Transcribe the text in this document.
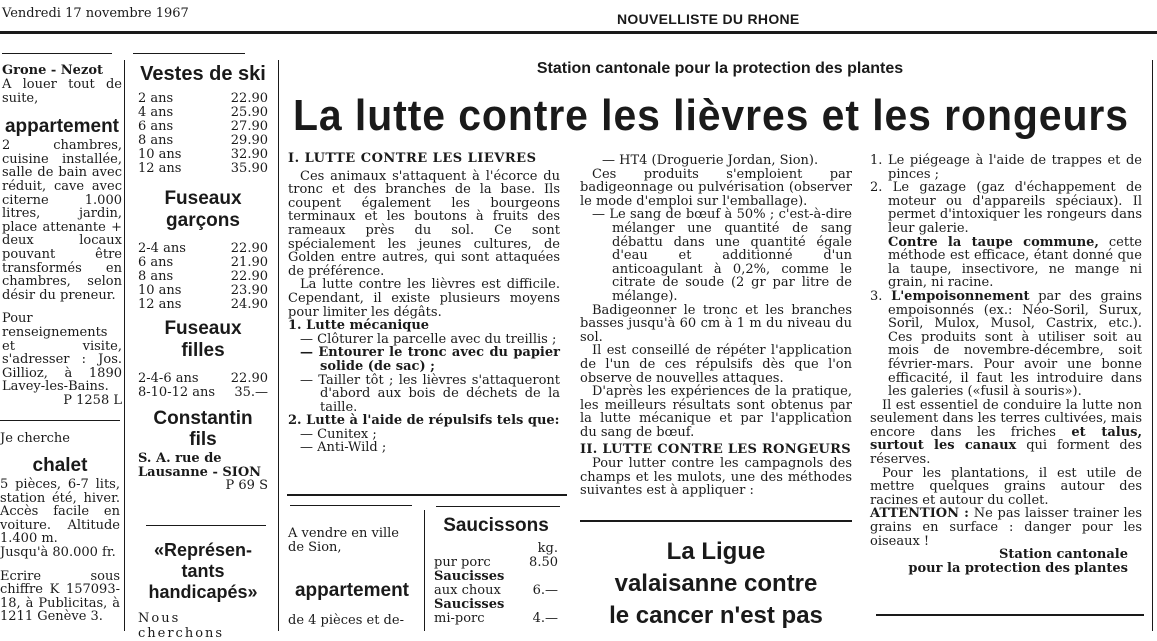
Vendredi 17 novembre 1967	NOUVELLISTE DU RHONE
Grone - Nezot
A louer tout de suite,
appartement
2 chambres, cuisine installée, salle de bain avec réduit, cave avec citerne 1.000 litres, jardin, place attenante + deux locaux pouvant être transformés en chambres, selon désir du preneur.
Pour renseignements et visite, s'adresser : Jos. Gillioz, à 1890 Lavey-les-Bains.
P 1258 L
Je cherche
chalet
5 pièces, 6-7 lits, station été, hiver. Accès facile en voiture. Altitude 1.400 m.
Jusqu'à 80.000 fr.
Ecrire sous chiffre K 157093-18, à Publicitas, à 1211 Genève 3.
Vestes de ski
2 ans	22.90
4 ans	25.90
6 ans	27.90
8 ans	29.90
10 ans	32.90
12 ans	35.90
Fuseaux
garçons
2-4 ans	22.90
6 ans	21.90
8 ans	22.90
10 ans	23.90
12 ans	24.90
Fuseaux
filles
2-4-6 ans 22.90
8-10-12 ans 35.—
Constantin
fils
S. A. rue de Lausanne - SION
P 69 S
«Représen-
tants
handicapés»
Nous cherchons
Station cantonale pour la protection des plantes
La lutte contre les lièvres et les rongeurs

I. LUTTE CONTRE LES LIEVRES

Ces animaux s'attaquent à l'écorce du tronc et des branches de la base. Ils coupent également les bourgeons terminaux et les boutons à fruits des rameaux près du sol. Ce sont spécialement les jeunes cultures, de Golden entre autres, qui sont attaquées de préférence.

La lutte contre les lièvres est difficile. Cependant, il existe plusieurs moyens pour limiter les dégâts.

1. Lutte mécanique

— Clôturer la parcelle avec du treillis ;

— Entourer le tronc avec du papier solide (de sac) ;

— Tailler tôt ; les lièvres s'attaqueront d'abord aux bois de déchets de la taille.

2. Lutte à l'aide de répulsifs tels que:

— Cunitex ;

— Anti-Wild ;

— HT4 (Droguerie Jordan, Sion).

Ces produits s'emploient par badigeonnage ou pulvérisation (observer le mode d'emploi sur l'emballage).

— Le sang de bœuf à 50% ; c'est-à-dire mélanger une quantité de sang débattu dans une quantité égale d'eau et additionné d'un anticoagulant à 0,2%, comme le citrate de soude (2 gr par litre de mélange).

Badigeonner le tronc et les branches basses jusqu'à 60 cm à 1 m du niveau du sol.

Il est conseillé de répéter l'application de l'un de ces répulsifs dès que l'on observe de nouvelles attaques.

D'après les expériences de la pratique, les meilleurs résultats sont obtenus par la lutte mécanique et par l'application du sang de bœuf.

II. LUTTE CONTRE LES RONGEURS

Pour lutter contre les campagnols des champs et les mulots, une des méthodes suivantes est à appliquer :

1. Le piégeage à l'aide de trappes et de pinces ;

2. Le gazage (gaz d'échappement de moteur ou d'appareils spéciaux). Il permet d'intoxiquer les rongeurs dans leur galerie.

Contre la taupe commune, cette méthode est efficace, étant donné que la taupe, insectivore, ne mange ni grain, ni racine.

3. L'empoisonnement par des grains empoisonnés (ex.: Néo-Soril, Surux, Soril, Mulox, Musol, Castrix, etc.). Ces produits sont à utiliser soit au mois de novembre-décembre, soit février-mars. Pour avoir une bonne efficacité, il faut les introduire dans les galeries («fusil à souris»).

Il est essentiel de conduire la lutte non seulement dans les terres cultivées, mais encore dans les friches et talus, surtout les canaux qui forment des réserves.

Pour les plantations, il est utile de mettre quelques grains autour des racines et autour du collet.

ATTENTION : Ne pas laisser trainer les grains en surface : danger pour les oiseaux !

Station cantonale

pour la protection des plantes

A vendre en ville de Sion,
appartement
de 4 pièces et de-
Saucissons
kg.
pur porc	8.50
Saucisses
aux choux 6.—
Saucisses
mi-porc	4.—
La Ligue
valaisanne contre
le cancer n'est pas
